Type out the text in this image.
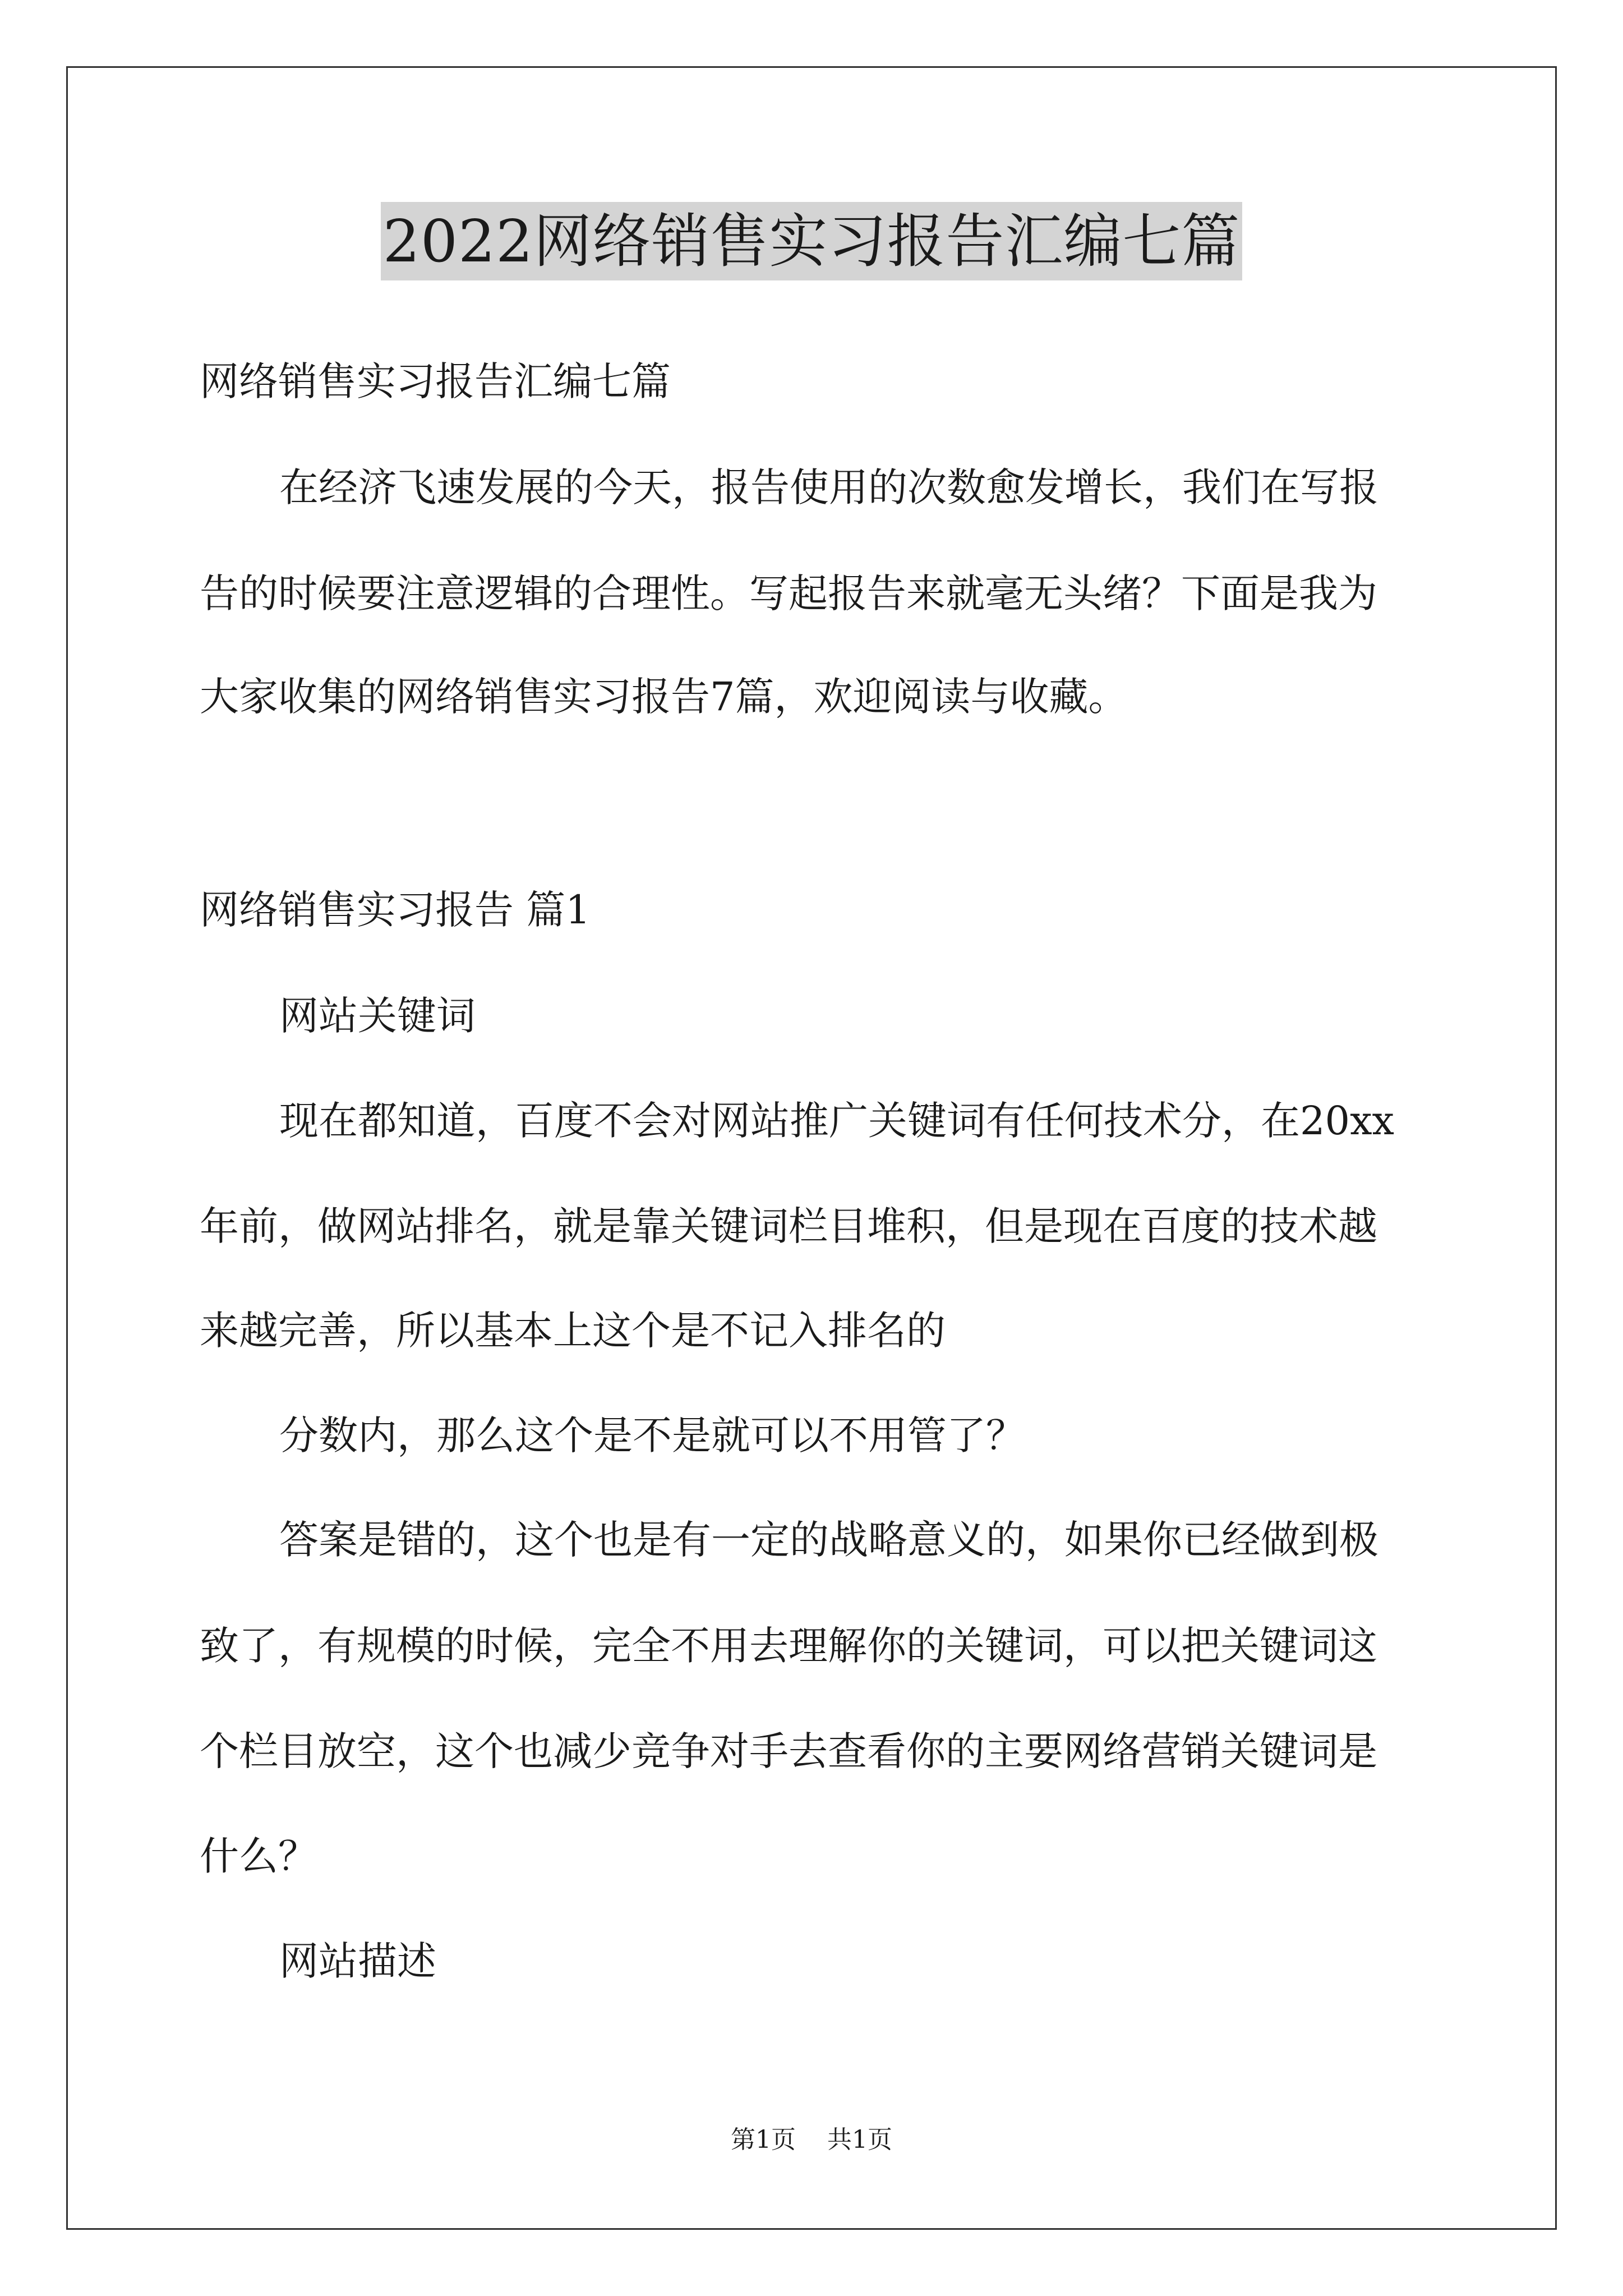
2022网络销售实习报告汇编七篇
网络销售实习报告汇编七篇
在经济飞速发展的今天，报告使用的次数愈发增长，我们在写报
告的时候要注意逻辑的合理性。写起报告来就毫无头绪？下面是我为
大家收集的网络销售实习报告7篇，欢迎阅读与收藏。
网络销售实习报告 篇1
网站关键词
现在都知道，百度不会对网站推广关键词有任何技术分，在20xx
年前，做网站排名，就是靠关键词栏目堆积，但是现在百度的技术越
来越完善，所以基本上这个是不记入排名的
分数内，那么这个是不是就可以不用管了？
答案是错的，这个也是有一定的战略意义的，如果你已经做到极
致了，有规模的时候，完全不用去理解你的关键词，可以把关键词这
个栏目放空，这个也减少竞争对手去查看你的主要网络营销关键词是
什么？
网站描述
第1页 共1页
